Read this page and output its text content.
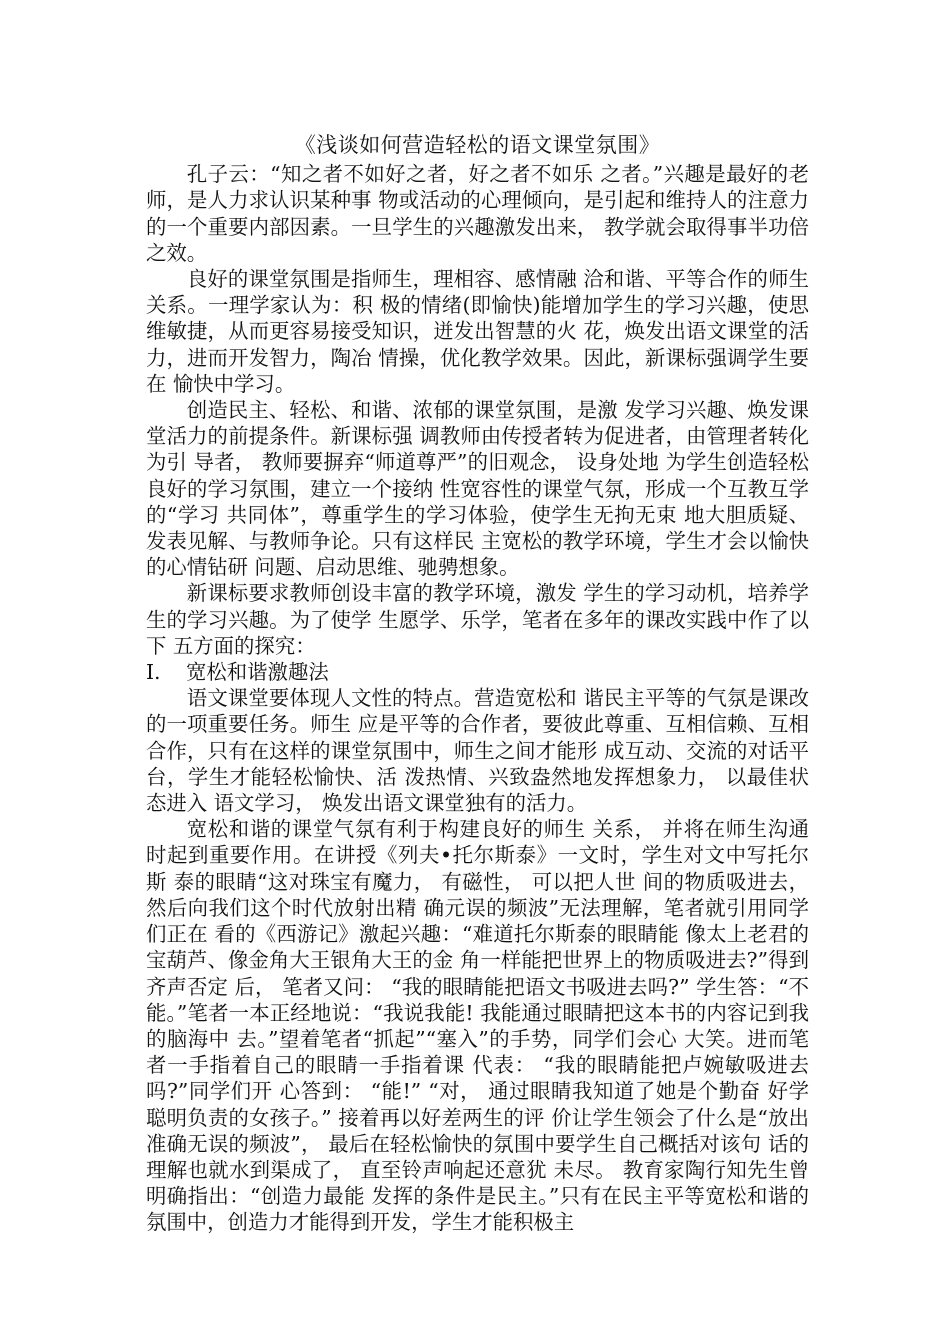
《浅谈如何营造轻松的语文课堂氛围》

孔子云：“知之者不如好之者，好之者不如乐 之者。”兴趣是最好的老师，是人力求认识某种事 物或活动的心理倾向，是引起和维持人的注意力 的一个重要内部因素。一旦学生的兴趣激发出来， 教学就会取得事半功倍之效。

良好的课堂氛围是指师生，理相容、感情融 洽和谐、平等合作的师生关系。一理学家认为：积 极的情绪(即愉快)能增加学生的学习兴趣，使思 维敏捷，从而更容易接受知识，迸发出智慧的火 花，焕发出语文课堂的活力，进而开发智力，陶冶 情操，优化教学效果。因此，新课标强调学生要在 愉快中学习。

创造民主、轻松、和谐、浓郁的课堂氛围，是激 发学习兴趣、焕发课堂活力的前提条件。新课标强 调教师由传授者转为促进者，由管理者转化为引 导者， 教师要摒弃“师道尊严”的旧观念， 设身处地 为学生创造轻松良好的学习氛围，建立一个接纳 性宽容性的课堂气氛，形成一个互教互学的“学习 共同体”，尊重学生的学习体验，使学生无拘无束 地大胆质疑、发表见解、与教师争论。只有这样民 主宽松的教学环境，学生才会以愉快的心情钻研 问题、启动思维、驰骋想象。

新课标要求教师创设丰富的教学环境，激发 学生的学习动机，培养学生的学习兴趣。为了使学 生愿学、乐学，笔者在多年的课改实践中作了以下 五方面的探究：

I. 宽松和谐激趣法

语文课堂要体现人文性的特点。营造宽松和 谐民主平等的气氛是课改的一项重要任务。师生 应是平等的合作者，要彼此尊重、互相信赖、互相 合作，只有在这样的课堂氛围中，师生之间才能形 成互动、交流的对话平台，学生才能轻松愉快、活 泼热情、兴致盎然地发挥想象力， 以最佳状态进入 语文学习， 焕发出语文课堂独有的活力。

宽松和谐的课堂气氛有利于构建良好的师生 关系， 并将在师生沟通时起到重要作用。在讲授《列夫•托尔斯泰》一文时，学生对文中写托尔斯 泰的眼睛“这对珠宝有魔力， 有磁性， 可以把人世 间的物质吸进去，然后向我们这个时代放射出精 确元误的频波”无法理解，笔者就引用同学们正在 看的《西游记》激起兴趣：“难道托尔斯泰的眼睛能 像太上老君的宝葫芦、像金角大王银角大王的金 角一样能把世界上的物质吸进去?”得到齐声否定 后， 笔者又问： “我的眼睛能把语文书吸进去吗?” 学生答：“不能。”笔者一本正经地说：“我说我能! 我能通过眼睛把这本书的内容记到我的脑海中 去。”望着笔者“抓起”“塞入”的手势，同学们会心 大笑。进而笔者一手指着自己的眼睛一手指着课 代表： “我的眼睛能把卢婉敏吸进去吗?”同学们开 心答到： “能!” “对， 通过眼睛我知道了她是个勤奋 好学聪明负责的女孩子。” 接着再以好差两生的评 价让学生领会了什么是“放出准确无误的频波”， 最后在轻松愉快的氛围中要学生自己概括对该句 话的理解也就水到渠成了， 直至铃声响起还意犹 未尽。 教育家陶行知先生曾明确指出：“创造力最能 发挥的条件是民主。”只有在民主平等宽松和谐的 氛围中，创造力才能得到开发，学生才能积极主
